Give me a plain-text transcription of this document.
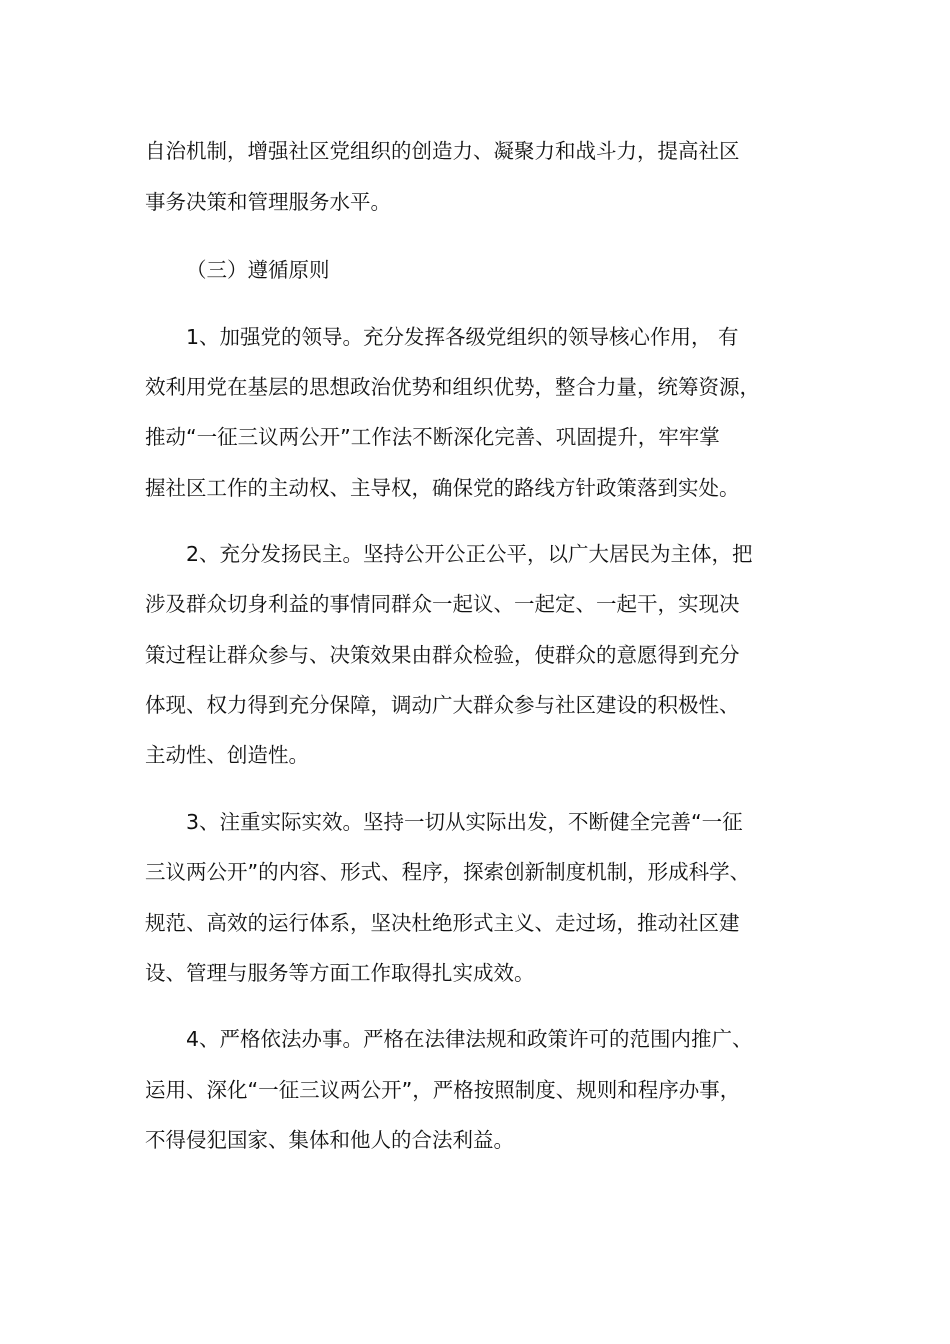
自治机制，增强社区党组织的创造力、凝聚力和战斗力，提高社区
事务决策和管理服务水平。
（三）遵循原则
1、加强党的领导。充分发挥各级党组织的领导核心作用， 有
效利用党在基层的思想政治优势和组织优势，整合力量，统筹资源，
推动“一征三议两公开”工作法不断深化完善、巩固提升，牢牢掌
握社区工作的主动权、主导权，确保党的路线方针政策落到实处。
2、充分发扬民主。坚持公开公正公平，以广大居民为主体，把
涉及群众切身利益的事情同群众一起议、一起定、一起干，实现决
策过程让群众参与、决策效果由群众检验，使群众的意愿得到充分
体现、权力得到充分保障，调动广大群众参与社区建设的积极性、
主动性、创造性。
3、注重实际实效。坚持一切从实际出发，不断健全完善“一征
三议两公开”的内容、形式、程序，探索创新制度机制，形成科学、
规范、高效的运行体系，坚决杜绝形式主义、走过场，推动社区建
设、管理与服务等方面工作取得扎实成效。
4、严格依法办事。严格在法律法规和政策许可的范围内推广、
运用、深化“一征三议两公开”，严格按照制度、规则和程序办事，
不得侵犯国家、集体和他人的合法利益。
